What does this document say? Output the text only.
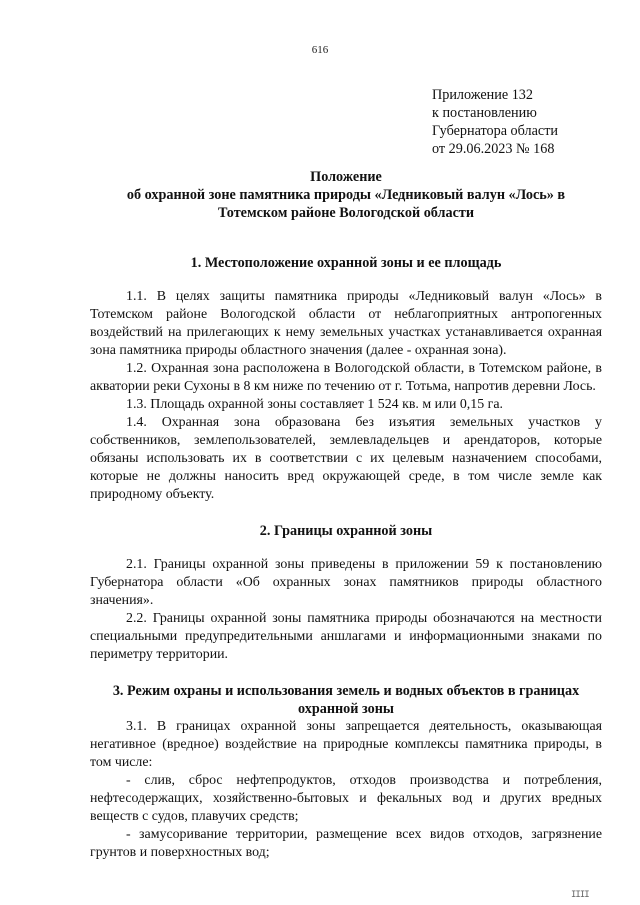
616
Приложение 132
к постановлению
Губернатора области
от 29.06.2023 № 168
Положение
об охранной зоне памятника природы «Ледниковый валун «Лось» в
Тотемском районе Вологодской области
1. Местоположение охранной зоны и ее площадь

1.1. В целях защиты памятника природы «Ледниковый валун «Лось» в Тотемском районе Вологодской области от неблагоприятных антропогенных воздействий на прилегающих к нему земельных участках устанавливается охранная зона памятника природы областного значения (далее - охранная зона).

1.2. Охранная зона расположена в Вологодской области, в Тотемском районе, в акватории реки Сухоны в 8 км ниже по течению от г. Тотьма, напротив деревни Лось.

1.3. Площадь охранной зоны составляет 1 524 кв. м или 0,15 га.

1.4. Охранная зона образована без изъятия земельных участков у собственников, землепользователей, землевладельцев и арендаторов, которые обязаны использовать их в соответствии с их целевым назначением способами, которые не должны наносить вред окружающей среде, в том числе земле как природному объекту.

2. Границы охранной зоны

2.1. Границы охранной зоны приведены в приложении 59 к постановлению Губернатора области «Об охранных зонах памятников природы областного значения».

2.2. Границы охранной зоны памятника природы обозначаются на местности специальными предупредительными аншлагами и информационными знаками по периметру территории.

3. Режим охраны и использования земель и водных объектов в границах
охранной зоны

3.1. В границах охранной зоны запрещается деятельность, оказывающая негативное (вредное) воздействие на природные комплексы памятника природы, в том числе:

- слив, сброс нефтепродуктов, отходов производства и потребления, нефтесодержащих, хозяйственно-бытовых и фекальных вод и других вредных веществ с судов, плавучих средств;

- замусоривание территории, размещение всех видов отходов, загрязнение грунтов и поверхностных вод;

IIII
